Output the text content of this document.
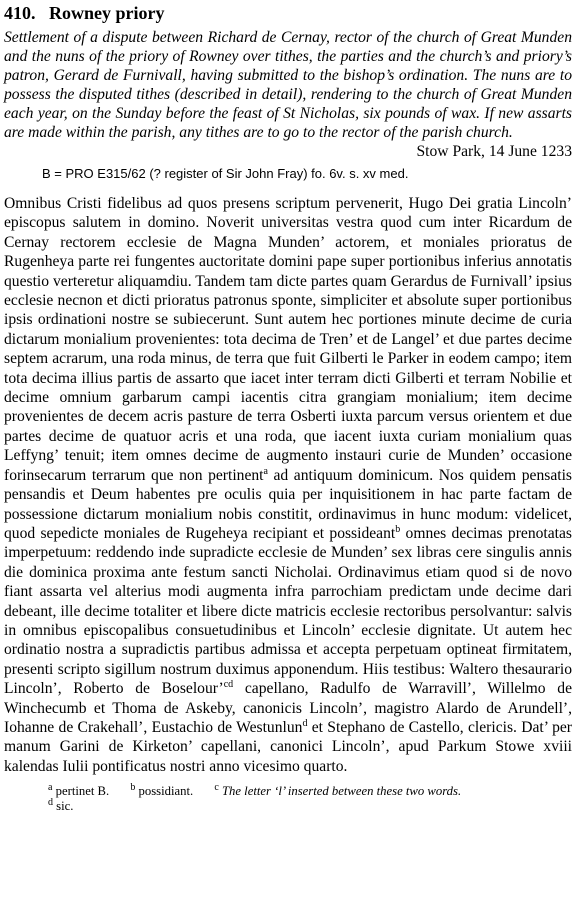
410. Rowney priory

Settlement of a dispute between Richard de Cernay, rector of the church of Great Munden and the nuns of the priory of Rowney over tithes, the parties and the church’s and priory’s patron, Gerard de Furnivall, having submitted to the bishop’s ordination. The nuns are to possess the disputed tithes (described in detail), rendering to the church of Great Munden each year, on the Sunday before the feast of St Nicholas, six pounds of wax. If new assarts are made within the parish, any tithes are to go to the rector of the parish church.

Stow Park, 14 June 1233
B = PRO E315/62 (? register of Sir John Fray) fo. 6v. s. xv med.

Omnibus Cristi fidelibus ad quos presens scriptum pervenerit, Hugo Dei gratia Lincoln’ episcopus salutem in domino. Noverit universitas vestra quod cum inter Ricardum de Cernay rectorem ecclesie de Magna Munden’ actorem, et moniales prioratus de Rugenheya parte rei fungentes auctoritate domini pape super portionibus inferius annotatis questio verteretur aliquamdiu. Tandem tam dicte partes quam Gerardus de Furnivall’ ipsius ecclesie necnon et dicti prioratus patronus sponte, simpliciter et absolute super portionibus ipsis ordinationi nostre se subiecerunt. Sunt autem hec portiones minute decime de curia dictarum monialium provenientes: tota decima de Tren’ et de Langel’ et due partes decime septem acrarum, una roda minus, de terra que fuit Gilberti le Parker in eodem campo; item tota decima illius partis de assarto que iacet inter terram dicti Gilberti et terram Nobilie et decime omnium garbarum campi iacentis citra grangiam monialium; item decime provenientes de decem acris pasture de terra Osberti iuxta parcum versus orientem et due partes decime de quatuor acris et una roda, que iacent iuxta curiam monialium quas Leffyng’ tenuit; item omnes decime de augmento instauri curie de Munden’ occasione forinsecarum terrarum que non pertinent$^a$ ad antiquum dominicum. Nos quidem pensatis pensandis et Deum habentes pre oculis quia per inquisitionem in hac parte factam de possessione dictarum monialium nobis constitit, ordinavimus in hunc modum: videlicet, quod sepedicte moniales de Rugeheya recipiant et possideant$^b$ omnes decimas prenotatas imperpetuum: reddendo inde supradicte ecclesie de Munden’ sex libras cere singulis annis die dominica proxima ante festum sancti Nicholai. Ordinavimus etiam quod si de novo fiant assarta vel alterius modi augmenta infra parrochiam predictam unde decime dari debeant, ille decime totaliter et libere dicte matricis ecclesie rectoribus persolvantur: salvis in omnibus episcopalibus consuetudinibus et Lincoln’ ecclesie dignitate. Ut autem hec ordinatio nostra a supradictis partibus admissa et accepta perpetuam optineat firmitatem, presenti scripto sigillum nostrum duximus apponendum. Hiis testibus: Waltero thesaurario Lincoln’, Roberto de Boselour’$^{cd}$ capellano, Radulfo de Warravill’, Willelmo de Winchecumb et Thoma de Askeby, canonicis Lincoln’, magistro Alardo de Arundell’, Iohanne de Crakehall’, Eustachio de Westunlun$^d$ et Stephano de Castello, clericis. Dat’ per manum Garini de Kirketon’ capellani, canonici Lincoln’, apud Parkum Stowe xviii kalendas Iulii pontificatus nostri anno vicesimo quarto.

$^a$ pertinet B. $^b$ possidiant. $^c$ The letter ‘l’ inserted between these two words.
$^d$ sic.
